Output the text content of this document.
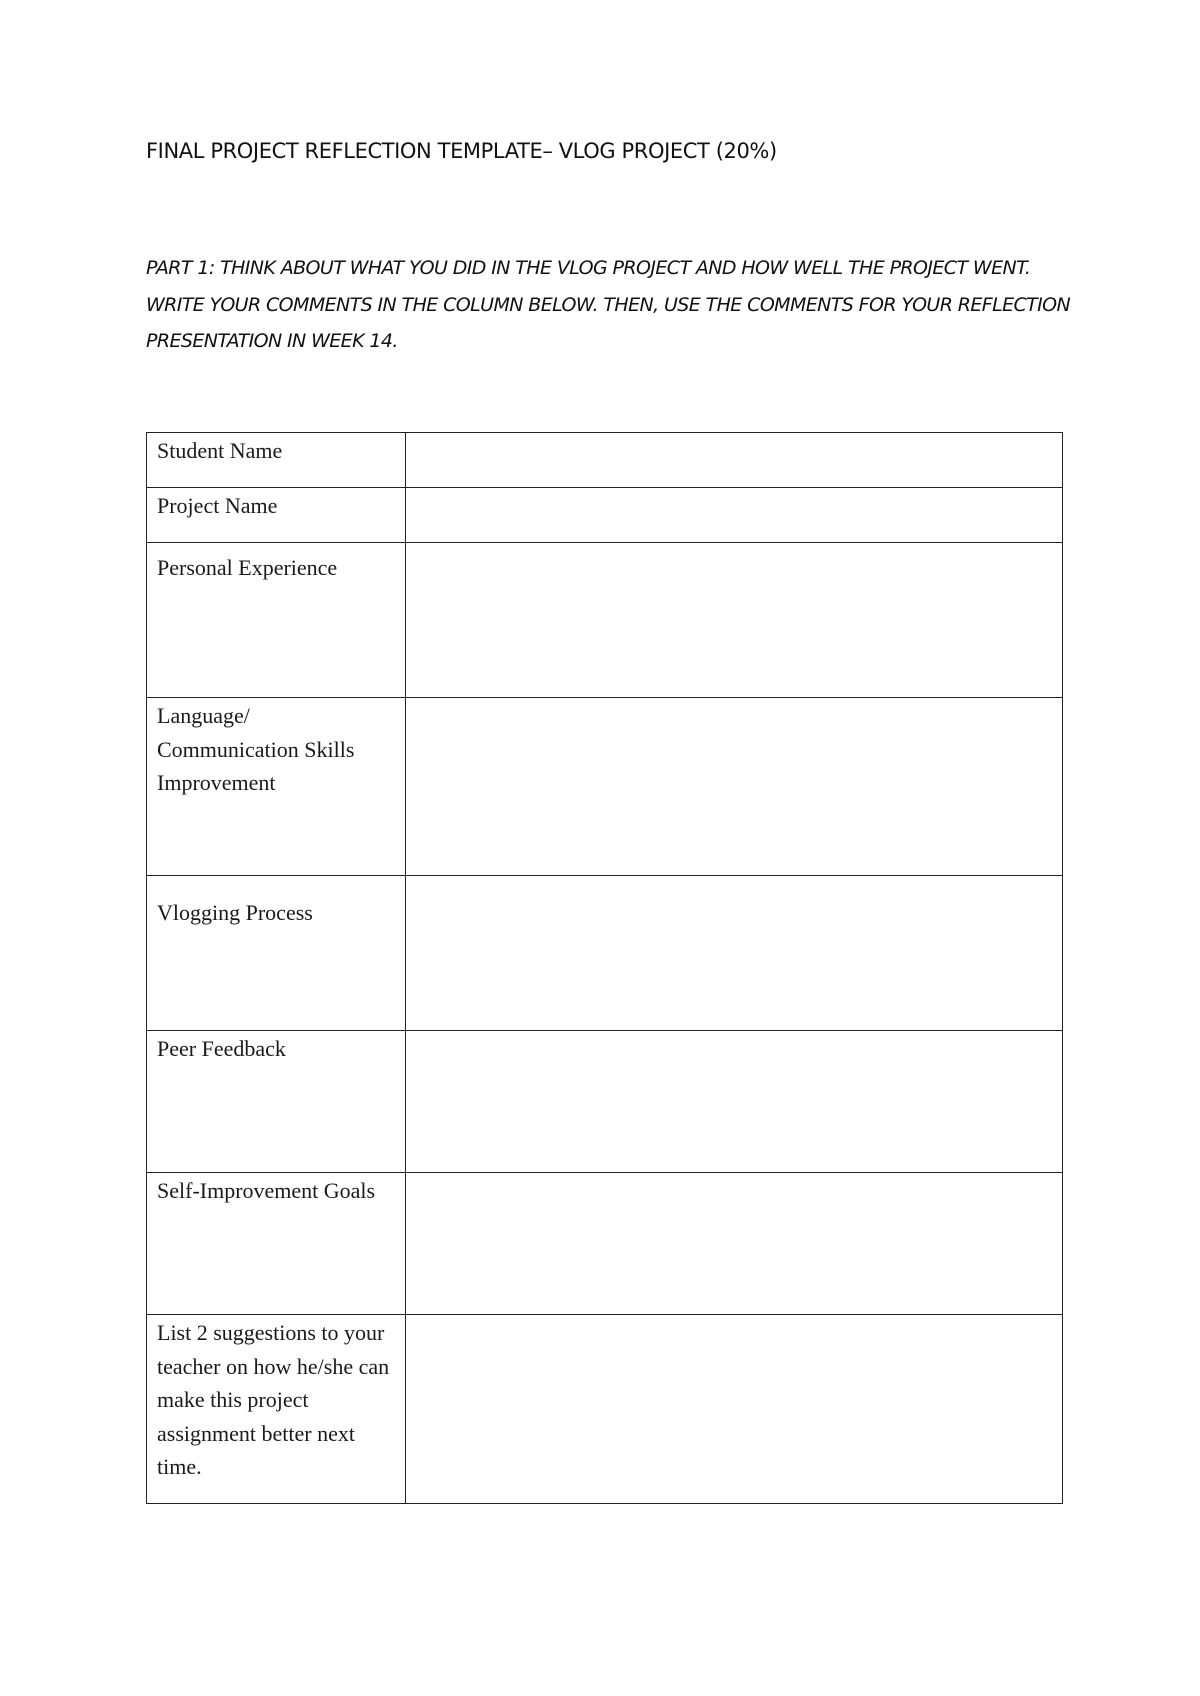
FINAL PROJECT REFLECTION TEMPLATE– VLOG PROJECT (20%)

PART 1: THINK ABOUT WHAT YOU DID IN THE VLOG PROJECT AND HOW WELL THE PROJECT WENT. WRITE YOUR COMMENTS IN THE COLUMN BELOW. THEN, USE THE COMMENTS FOR YOUR REFLECTION PRESENTATION IN WEEK 14.

Student Name	
Project Name	
Personal Experience	
Language/ Communication Skills Improvement	
Vlogging Process	
Peer Feedback	
Self-Improvement Goals	
List 2 suggestions to your teacher on how he/she can make this project assignment better next time.	
